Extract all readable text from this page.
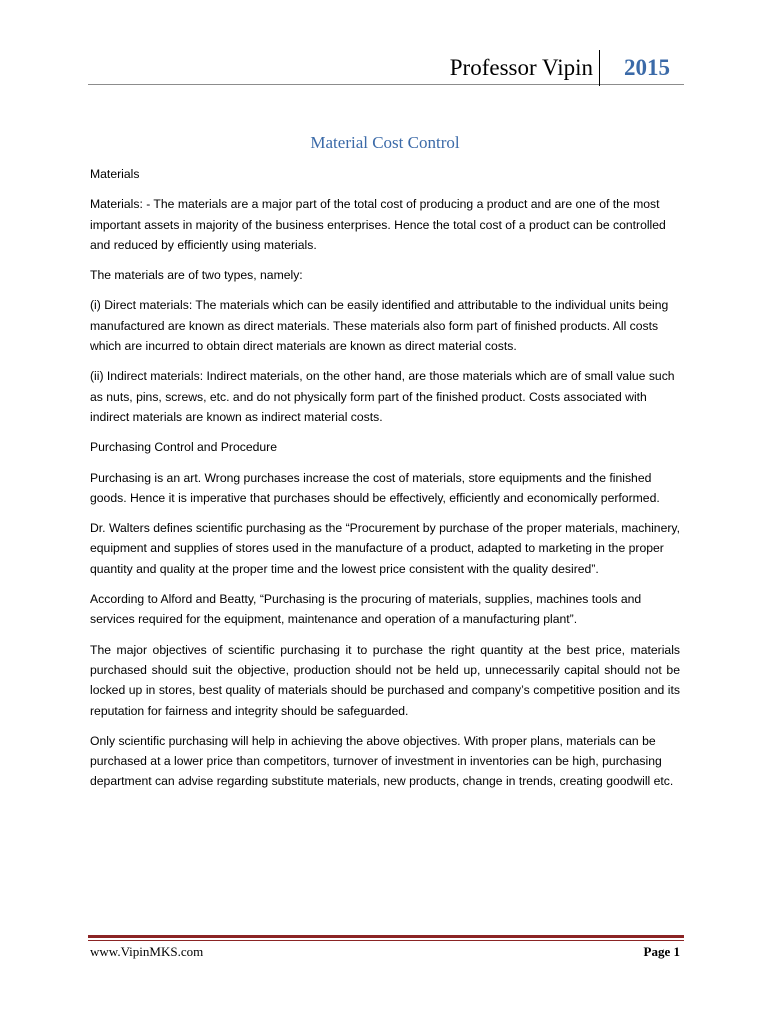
Professor Vipin	2015
Material Cost Control

Materials

Materials: - The materials are a major part of the total cost of producing a product and are one of the most important assets in majority of the business enterprises. Hence the total cost of a product can be controlled and reduced by efficiently using materials.

The materials are of two types, namely:

(i) Direct materials: The materials which can be easily identified and attributable to the individual units being manufactured are known as direct materials. These materials also form part of finished products. All costs which are incurred to obtain direct materials are known as direct material costs.

(ii) Indirect materials: Indirect materials, on the other hand, are those materials which are of small value such as nuts, pins, screws, etc. and do not physically form part of the finished product. Costs associated with indirect materials are known as indirect material costs.

Purchasing Control and Procedure

Purchasing is an art. Wrong purchases increase the cost of materials, store equipments and the finished goods. Hence it is imperative that purchases should be effectively, efficiently and economically performed.

Dr. Walters defines scientific purchasing as the “Procurement by purchase of the proper materials, machinery, equipment and supplies of stores used in the manufacture of a product, adapted to marketing in the proper quantity and quality at the proper time and the lowest price consistent with the quality desired”.

According to Alford and Beatty, “Purchasing is the procuring of materials, supplies, machines tools and services required for the equipment, maintenance and operation of a manufacturing plant”.

The major objectives of scientific purchasing it to purchase the right quantity at the best price, materials purchased should suit the objective, production should not be held up, unnecessarily capital should not be locked up in stores, best quality of materials should be purchased and company’s competitive position and its reputation for fairness and integrity should be safeguarded.

Only scientific purchasing will help in achieving the above objectives. With proper plans, materials can be purchased at a lower price than competitors, turnover of investment in inventories can be high, purchasing department can advise regarding substitute materials, new products, change in trends, creating goodwill etc.

www.VipinMKS.com	Page 1
